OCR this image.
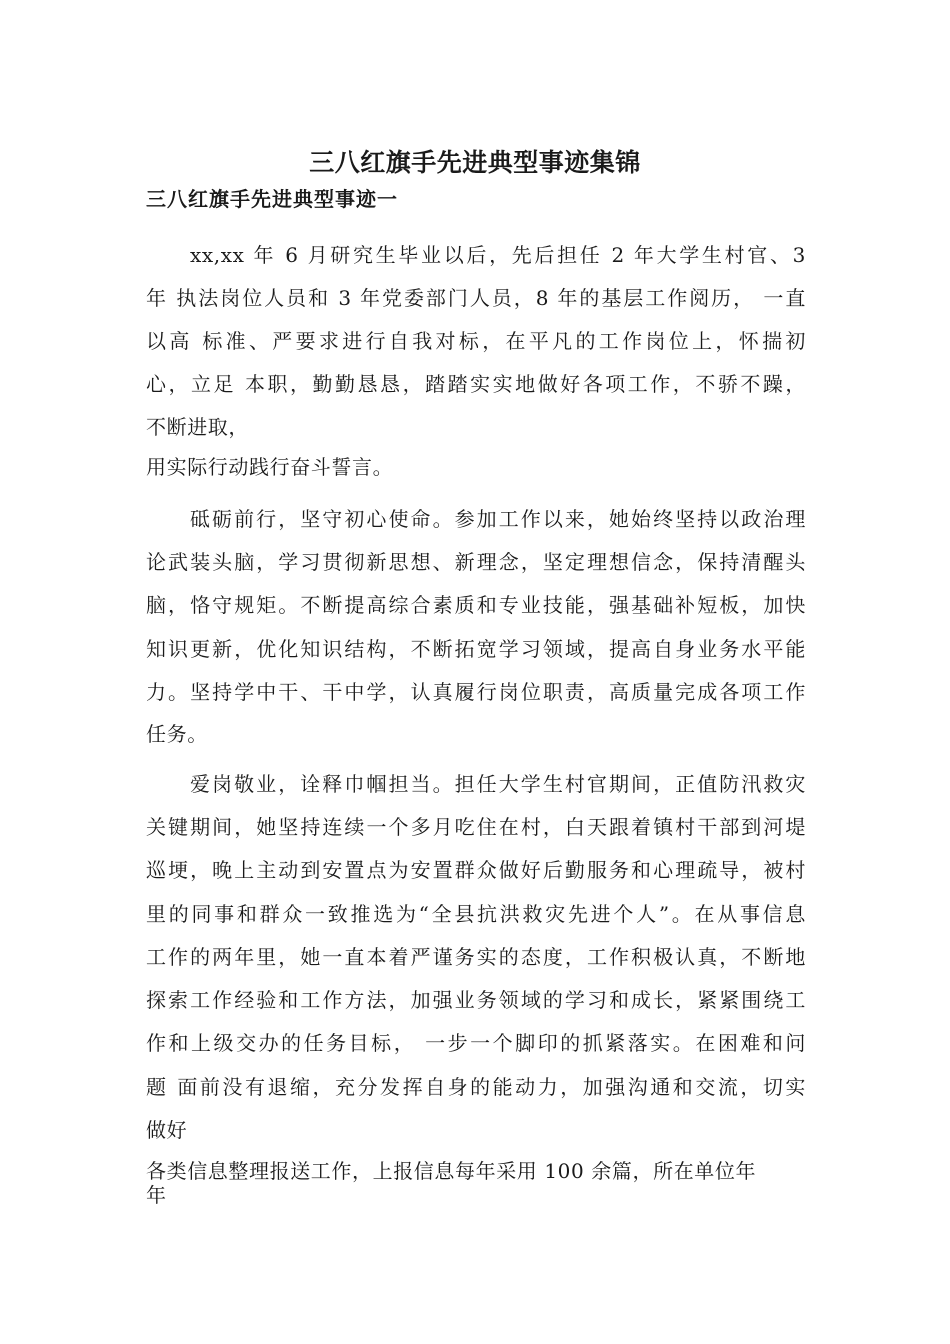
三八红旗手先进典型事迹集锦
三八红旗手先进典型事迹一
xx,xx 年 6 月研究生毕业以后，先后担任 2 年大学生村官、3
年 执法岗位人员和 3 年党委部门人员，8 年的基层工作阅历， 一直
以高 标准、严要求进行自我对标，在平凡的工作岗位上，怀揣初
心，立足 本职，勤勤恳恳，踏踏实实地做好各项工作，不骄不躁，
不断进取，
用实际行动践行奋斗誓言。
砥砺前行，坚守初心使命。参加工作以来，她始终坚持以政治理
论武装头脑，学习贯彻新思想、新理念，坚定理想信念，保持清醒头
脑，恪守规矩。不断提高综合素质和专业技能，强基础补短板，加快
知识更新，优化知识结构，不断拓宽学习领域，提高自身业务水平能
力。坚持学中干、干中学，认真履行岗位职责，高质量完成各项工作
任务。
爱岗敬业，诠释巾帼担当。担任大学生村官期间，正值防汛救灾
关键期间，她坚持连续一个多月吃住在村，白天跟着镇村干部到河堤
巡埂，晚上主动到安置点为安置群众做好后勤服务和心理疏导，被村
里的同事和群众一致推选为“全县抗洪救灾先进个人”。在从事信息
工作的两年里，她一直本着严谨务实的态度，工作积极认真，不断地
探索工作经验和工作方法，加强业务领域的学习和成长，紧紧围绕工
作和上级交办的任务目标， 一步一个脚印的抓紧落实。在困难和问
题 面前没有退缩，充分发挥自身的能动力，加强沟通和交流，切实
做好
各类信息整理报送工作，上报信息每年采用 100 余篇，所在单位年
年
